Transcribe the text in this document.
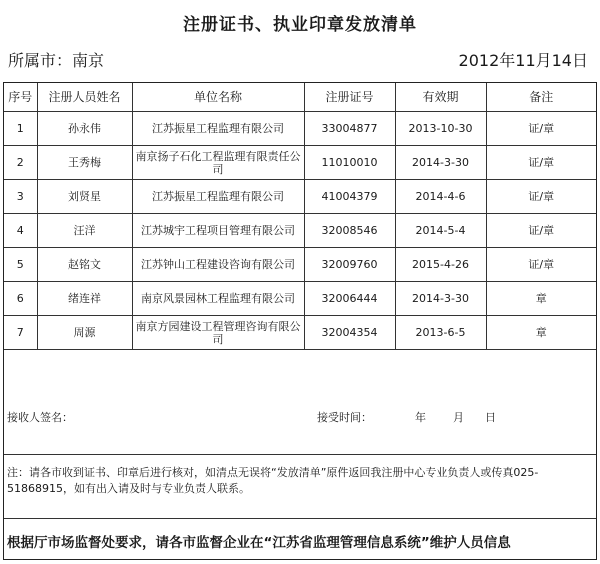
注册证书、执业印章发放清单
所属市：南京	2012年11月14日
序号	注册人员姓名	单位名称	注册证号	有效期	备注
1	孙永伟	江苏振星工程监理有限公司	33004877	2013-10-30	证/章
2	王秀梅	南京扬子石化工程监理有限责任公司	11010010	2014-3-30	证/章
3	刘贤星	江苏振星工程监理有限公司	41004379	2014-4-6	证/章
4	汪洋	江苏城宇工程项目管理有限公司	32008546	2014-5-4	证/章
5	赵铭文	江苏钟山工程建设咨询有限公司	32009760	2015-4-26	证/章
6	绪连祥	南京风景园林工程监理有限公司	32006444	2014-3-30	章
7	周源	南京方园建设工程管理咨询有限公司	32004354	2013-6-5	章
接收人签名：	接受时间：	年 月 日
注：请各市收到证书、印章后进行核对，如清点无误将“发放清单”原件返回我注册中心专业负责人或传真025-51868915，如有出入请及时与专业负责人联系。
根据厅市场监督处要求，请各市监督企业在“江苏省监理管理信息系统”维护人员信息
